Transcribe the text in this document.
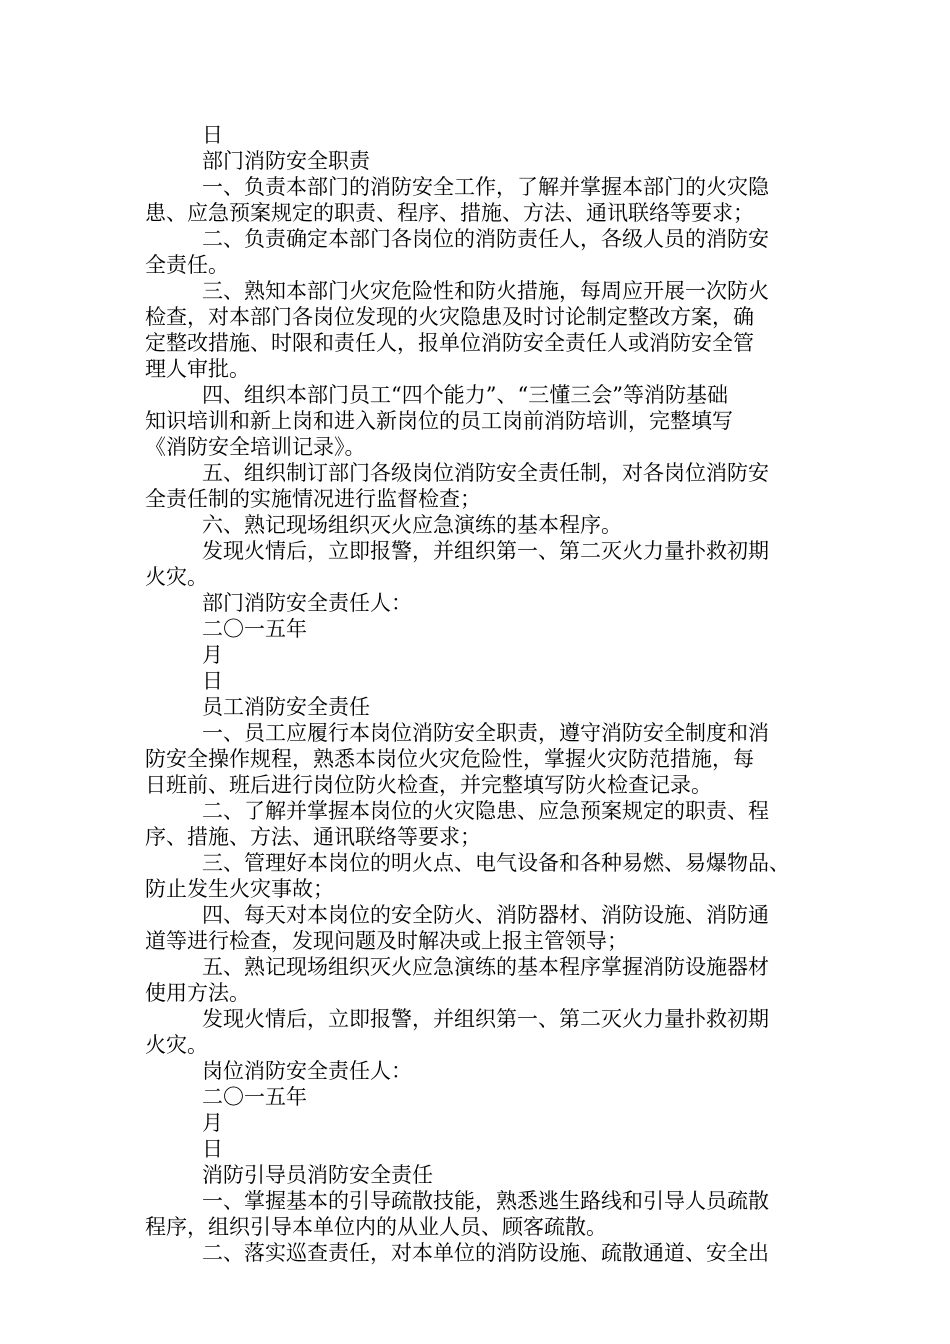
日
部门消防安全职责
一、负责本部门的消防安全工作，了解并掌握本部门的火灾隐
患、应急预案规定的职责、程序、措施、方法、通讯联络等要求；
二、负责确定本部门各岗位的消防责任人，各级人员的消防安
全责任。
三、熟知本部门火灾危险性和防火措施，每周应开展一次防火
检查，对本部门各岗位发现的火灾隐患及时讨论制定整改方案，确
定整改措施、时限和责任人，报单位消防安全责任人或消防安全管
理人审批。
四、组织本部门员工“四个能力”、“三懂三会”等消防基础
知识培训和新上岗和进入新岗位的员工岗前消防培训，完整填写
《消防安全培训记录》。
五、组织制订部门各级岗位消防安全责任制，对各岗位消防安
全责任制的实施情况进行监督检查；
六、熟记现场组织灭火应急演练的基本程序。
发现火情后，立即报警，并组织第一、第二灭火力量扑救初期
火灾。
部门消防安全责任人：
二〇一五年
月
日
员工消防安全责任
一、员工应履行本岗位消防安全职责，遵守消防安全制度和消
防安全操作规程，熟悉本岗位火灾危险性，掌握火灾防范措施，每
日班前、班后进行岗位防火检查，并完整填写防火检查记录。
二、了解并掌握本岗位的火灾隐患、应急预案规定的职责、程
序、措施、方法、通讯联络等要求；
三、管理好本岗位的明火点、电气设备和各种易燃、易爆物品、
防止发生火灾事故；
四、每天对本岗位的安全防火、消防器材、消防设施、消防通
道等进行检查，发现问题及时解决或上报主管领导；
五、熟记现场组织灭火应急演练的基本程序掌握消防设施器材
使用方法。
发现火情后，立即报警，并组织第一、第二灭火力量扑救初期
火灾。
岗位消防安全责任人：
二〇一五年
月
日
消防引导员消防安全责任
一、掌握基本的引导疏散技能，熟悉逃生路线和引导人员疏散
程序，组织引导本单位内的从业人员、顾客疏散。
二、落实巡查责任，对本单位的消防设施、疏散通道、安全出
